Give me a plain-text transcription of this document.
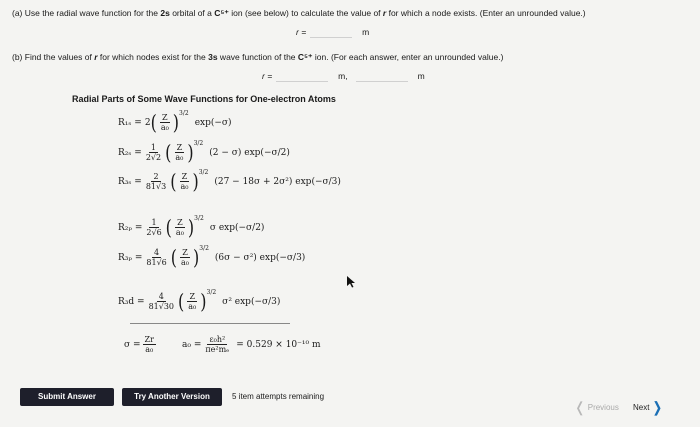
(a) Use the radial wave function for the 2s orbital of a C⁵⁺ ion (see below) to calculate the value of r for which a node exists. (Enter an unrounded value.)
r =	m
(b) Find the values of r for which nodes exist for the 3s wave function of the C⁵⁺ ion. (For each answer, enter an unrounded value.)
r =	m,	m
Radial Parts of Some Wave Functions for One-electron Atoms
R₁ₛ = 2 ( $\frac{Z}{\text{a₀}}$ ) 3/2
exp(−σ)
$R_{2s} = \frac{1}{2√2}$ ( $\frac{Z}{\text{a₀}}$ ) 3/2
(2 − σ) exp(−σ/2)
$R_{3s} = \frac{2}{81√3}$ ( $\frac{Z}{\text{a₀}}$ ) 3/2
(27 − 18σ + 2σ²) exp(−σ/3)
$R_{2p} = \frac{1}{2√6}$ ( $\frac{Z}{\text{a₀}}$ ) 3/2
σ exp(−σ/2)
$R_{3p} = \frac{4}{81√6}$ ( $\frac{Z}{\text{a₀}}$ ) 3/2
(6σ − σ²) exp(−σ/3)
$R_3d = \frac{4}{81√30}$ ( $\frac{Z}{\text{a₀}}$ ) 3/2
σ² exp(−σ/3)
$\sigma = \frac{Zr}{\text{a₀}}$	$a_0 = \frac{\text{ε₀h²}}{\text{πe²mₑ}} = 0.529 \times 10^{-10}$ m
Submit Answer	Try Another Version	5 item attempts remaining
❬ Previous Next ❭
